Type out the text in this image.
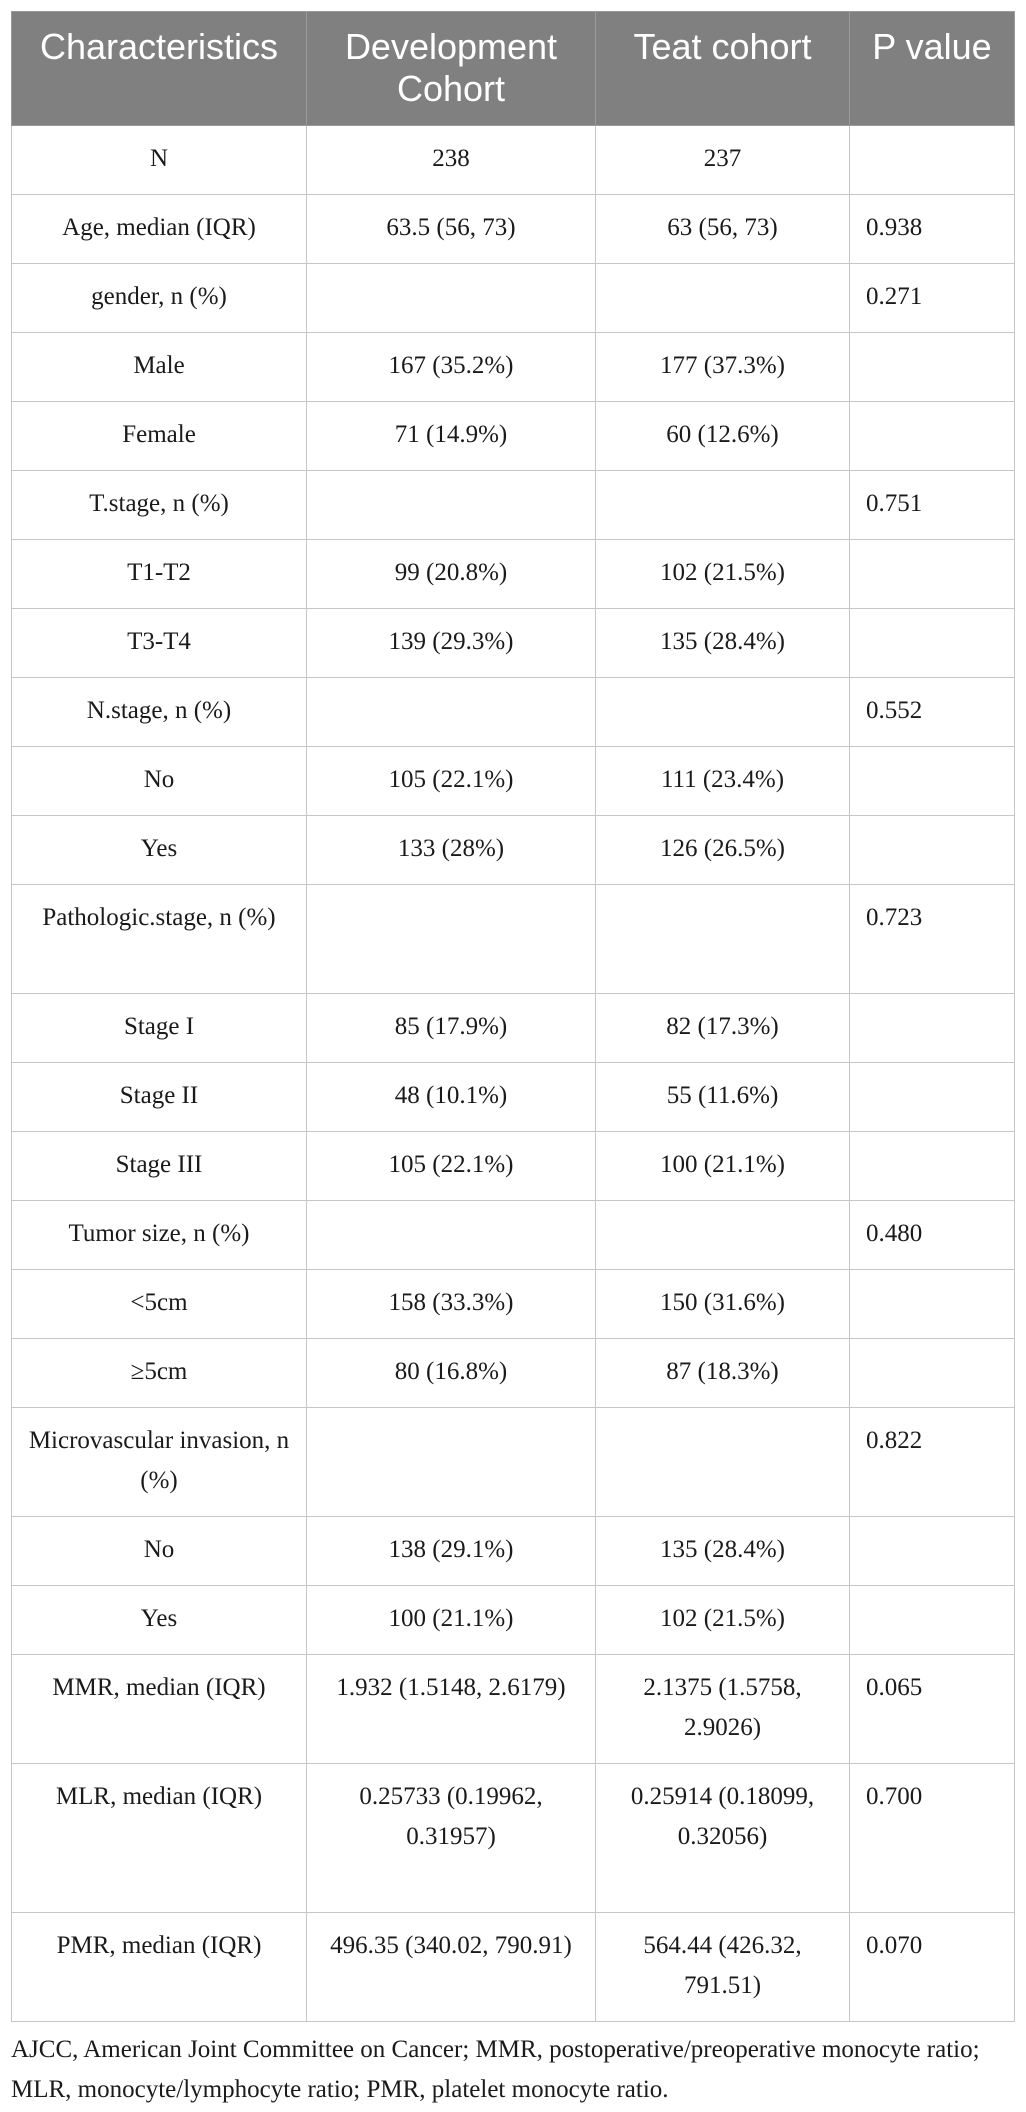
Characteristics	Development Cohort	Teat cohort	P value
N	238	237	
Age, median (IQR)	63.5 (56, 73)	63 (56, 73)	0.938
gender, n (%)			0.271
Male	167 (35.2%)	177 (37.3%)	
Female	71 (14.9%)	60 (12.6%)	
T.stage, n (%)			0.751
T1-T2	99 (20.8%)	102 (21.5%)	
T3-T4	139 (29.3%)	135 (28.4%)	
N.stage, n (%)			0.552
No	105 (22.1%)	111 (23.4%)	
Yes	133 (28%)	126 (26.5%)	
Pathologic.stage, n (%)			0.723
Stage I	85 (17.9%)	82 (17.3%)	
Stage II	48 (10.1%)	55 (11.6%)	
Stage III	105 (22.1%)	100 (21.1%)	
Tumor size, n (%)			0.480
<5cm	158 (33.3%)	150 (31.6%)	
≥5cm	80 (16.8%)	87 (18.3%)	
Microvascular invasion, n (%)			0.822
No	138 (29.1%)	135 (28.4%)	
Yes	100 (21.1%)	102 (21.5%)	
MMR, median (IQR)	1.932 (1.5148, 2.6179)	2.1375 (1.5758, 2.9026)	0.065
MLR, median (IQR)	0.25733 (0.19962, 0.31957)	0.25914 (0.18099, 0.32056)	0.700
PMR, median (IQR)	496.35 (340.02, 790.91)	564.44 (426.32, 791.51)	0.070
AJCC, American Joint Committee on Cancer; MMR, postoperative/preoperative monocyte ratio; MLR, monocyte/lymphocyte ratio; PMR, platelet monocyte ratio.
